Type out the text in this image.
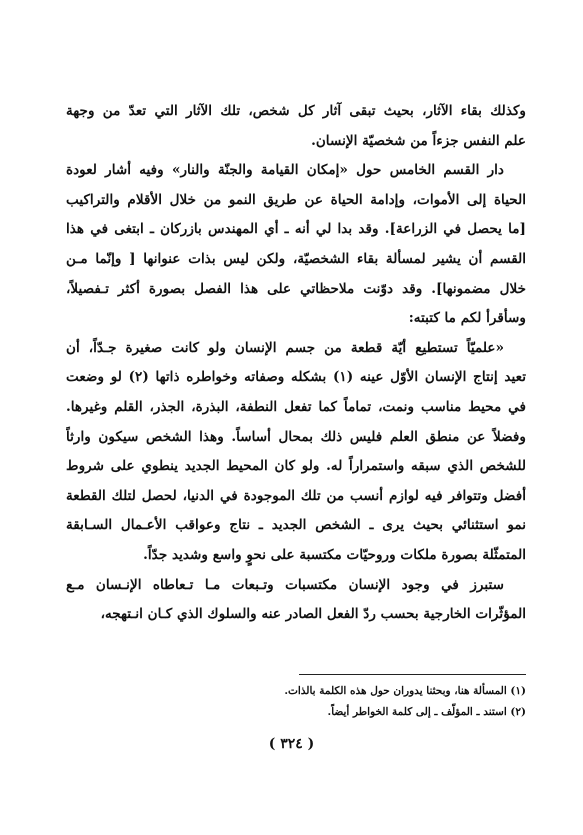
وكذلك بقاء الآثار، بحيث تبقى آثار كل شخص، تلك الآثار التي تعدّ من وجهة
علم النفس جزءاً من شخصيّة الإنسان.
دار القسم الخامس حول «إمكان القيامة والجنّة والنار» وفيه أشار لعودة
الحياة إلى الأموات، وإدامة الحياة عن طريق النمو من خلال الأقلام والتراكيب
[ما يحصل في الزراعة]. وقد بدا لي أنه ـ أي المهندس بازركان ـ ابتغى في هذا
القسم أن يشير لمسألة بقاء الشخصيّة، ولكن ليس بذات عنوانها [ وإنّما مـن
خلال مضمونها]. وقد دوّنت ملاحظاتي على هذا الفصل بصورة أكثر تـفصيلاً،
وسأقرأ لكم ما كتبته:
«علميّاً تستطيع أيّة قطعة من جسم الإنسان ولو كانت صغيرة جـدّاً، أن
تعيد إنتاج الإنسان الأوّل عينه (١) بشكله وصفاته وخواطره ذاتها (٢) لو وضعت
في محيط مناسب ونمت، تماماً كما تفعل النطفة، البذرة، الجذر، القلم وغيرها.
وفضلاً عن منطق العلم فليس ذلك بمحال أساساً. وهذا الشخص سيكون وارثاً
للشخص الذي سبقه واستمراراً له. ولو كان المحيط الجديد ينطوي على شروط
أفضل وتتوافر فيه لوازم أنسب من تلك الموجودة في الدنيا، لحصل لتلك القطعة
نمو استثنائي بحيث يرى ـ الشخص الجديد ـ نتاج وعواقب الأعـمال السـابقة
المتمثّلة بصورة ملكات وروحيّات مكتسبة على نحوٍ واسع وشديد جدّاً.
ستبرز في وجود الإنسان مكتسبات وتـبعات مـا تـعاطاه الإنـسان مـع
المؤثّرات الخارجية بحسب ردّ الفعل الصادر عنه والسلوك الذي كـان انـتهجه،
(١) المسألة هنا، وبحثنا يدوران حول هذه الكلمة بالذات.
(٢) استند ـ المؤلّف ـ إلى كلمة الخواطر أيضاً.
( ٣٢٤ )
